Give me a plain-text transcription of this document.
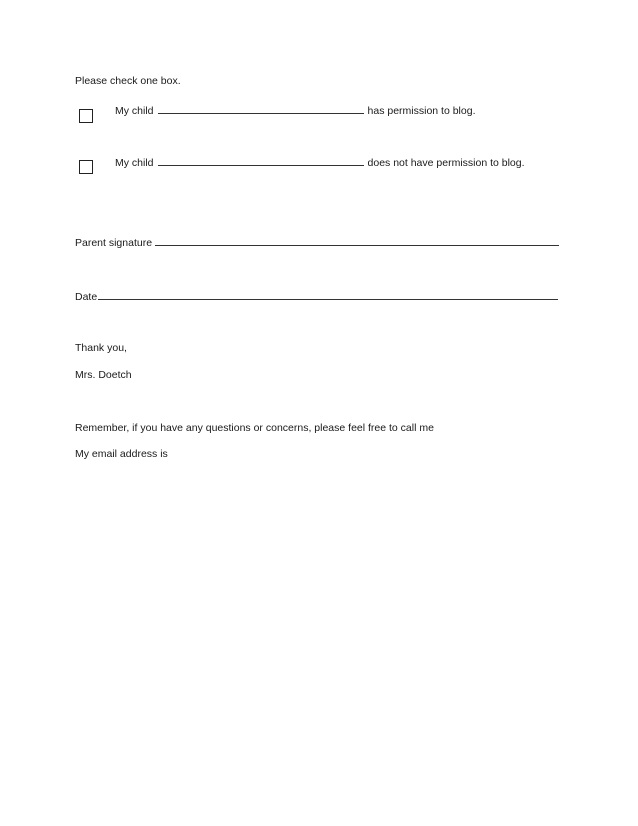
Please check one box.
My child	has permission to blog.
My child	does not have permission to blog.
Parent signature
Date
Thank you,
Mrs. Doetch
Remember, if you have any questions or concerns, please feel free to call me
My email address is
